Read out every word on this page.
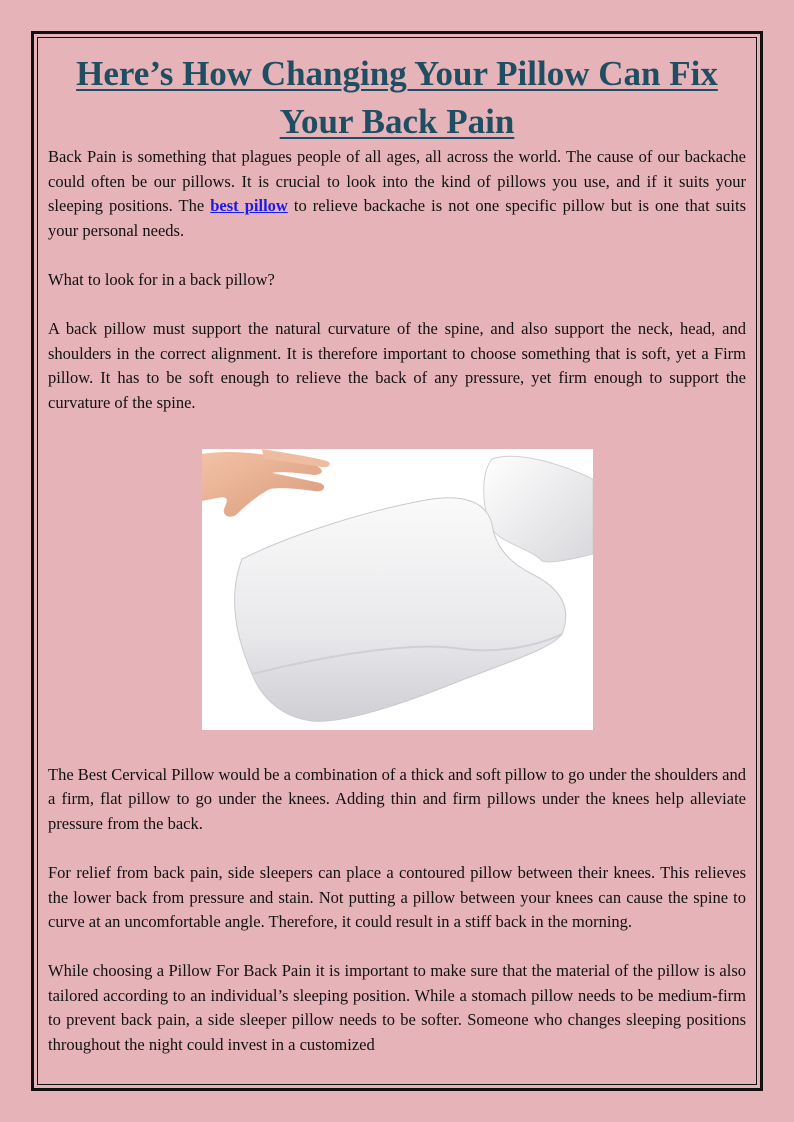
Here’s How Changing Your Pillow Can Fix
Your Back Pain

Back Pain is something that plagues people of all ages, all across the world. The cause of our backache could often be our pillows. It is crucial to look into the kind of pillows you use, and if it suits your sleeping positions. The best pillow to relieve backache is not one specific pillow but is one that suits your personal needs.

What to look for in a back pillow?

A back pillow must support the natural curvature of the spine, and also support the neck, head, and shoulders in the correct alignment. It is therefore important to choose something that is soft, yet a Firm pillow. It has to be soft enough to relieve the back of any pressure, yet firm enough to support the curvature of the spine.

The Best Cervical Pillow would be a combination of a thick and soft pillow to go under the shoulders and a firm, flat pillow to go under the knees. Adding thin and firm pillows under the knees help alleviate pressure from the back.

For relief from back pain, side sleepers can place a contoured pillow between their knees. This relieves the lower back from pressure and stain. Not putting a pillow between your knees can cause the spine to curve at an uncomfortable angle. Therefore, it could result in a stiff back in the morning.

While choosing a Pillow For Back Pain it is important to make sure that the material of the pillow is also tailored according to an individual’s sleeping position. While a stomach pillow needs to be medium-firm to prevent back pain, a side sleeper pillow needs to be softer. Someone who changes sleeping positions throughout the night could invest in a customized
